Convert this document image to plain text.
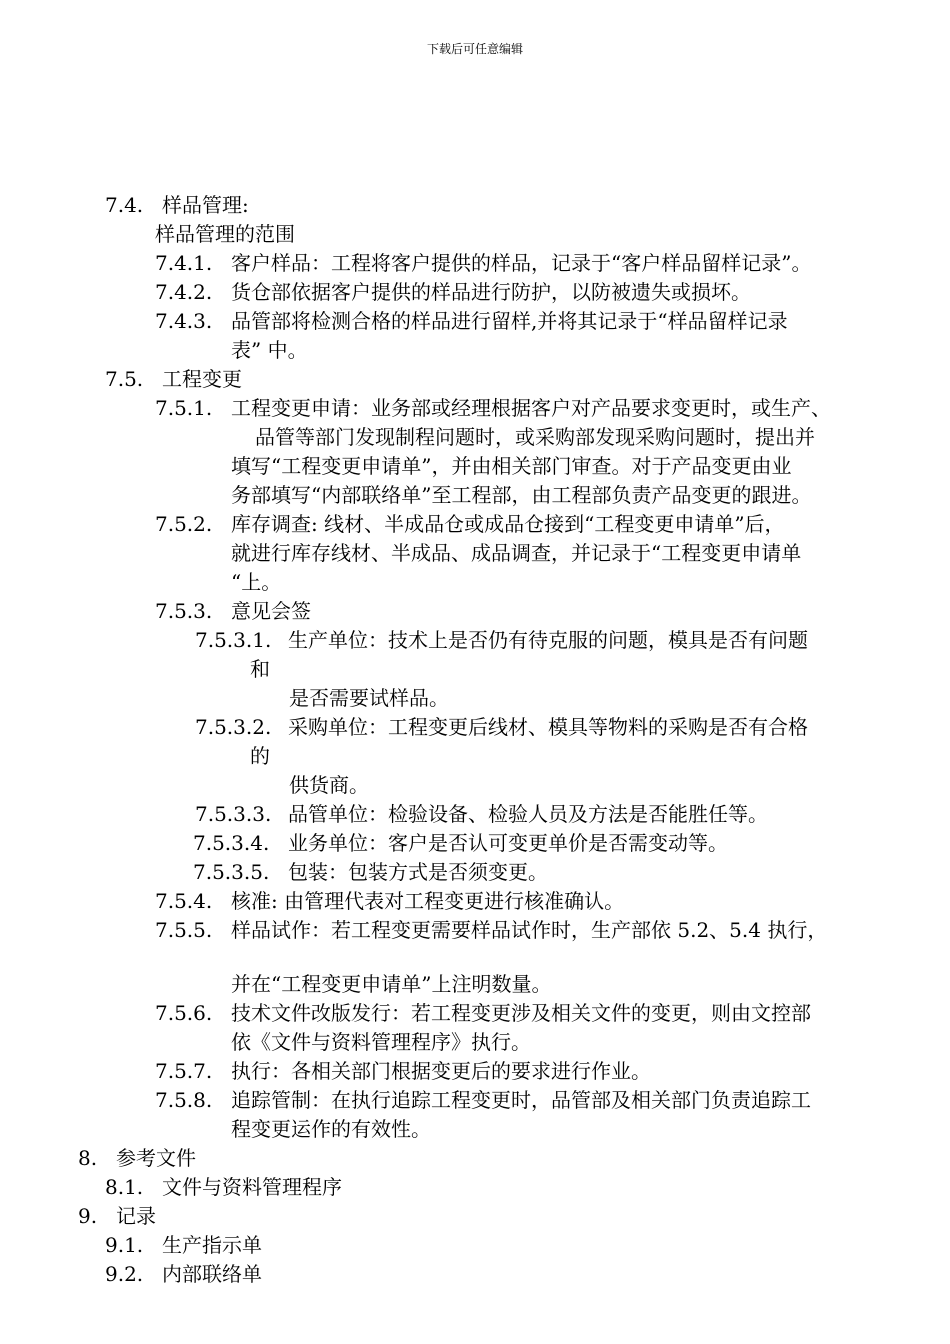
下载后可任意编辑
7.4. 样品管理:
样品管理的范围
7.4.1. 客户样品：工程将客户提供的样品，记录于“客户样品留样记录”。
7.4.2. 货仓部依据客户提供的样品进行防护，以防被遗失或损坏。
7.4.3. 品管部将检测合格的样品进行留样,并将其记录于“样品留样记录
表” 中。
7.5. 工程变更
7.5.1. 工程变更申请：业务部或经理根据客户对产品要求变更时，或生产、
品管等部门发现制程问题时，或采购部发现采购问题时，提出并
填写“工程变更申请单”，并由相关部门审查。对于产品变更由业
务部填写“内部联络单”至工程部，由工程部负责产品变更的跟进。
7.5.2. 库存调查: 线材、半成品仓或成品仓接到“工程变更申请单”后，
就进行库存线材、半成品、成品调查，并记录于“工程变更申请单
“上。
7.5.3. 意见会签
7.5.3.1. 生产单位：技术上是否仍有待克服的问题，模具是否有问题
和
是否需要试样品。
7.5.3.2. 采购单位：工程变更后线材、模具等物料的采购是否有合格
的
供货商。
7.5.3.3. 品管单位：检验设备、检验人员及方法是否能胜任等。
7.5.3.4. 业务单位：客户是否认可变更单价是否需变动等。
7.5.3.5. 包装：包装方式是否须变更。
7.5.4. 核准: 由管理代表对工程变更进行核准确认。
7.5.5. 样品试作：若工程变更需要样品试作时，生产部依 5.2、5.4 执行，
并在“工程变更申请单”上注明数量。
7.5.6. 技术文件改版发行：若工程变更涉及相关文件的变更，则由文控部
依《文件与资料管理程序》执行。
7.5.7. 执行：各相关部门根据变更后的要求进行作业。
7.5.8. 追踪管制：在执行追踪工程变更时，品管部及相关部门负责追踪工
程变更运作的有效性。
8. 参考文件
8.1. 文件与资料管理程序
9. 记录
9.1. 生产指示单
9.2. 内部联络单
